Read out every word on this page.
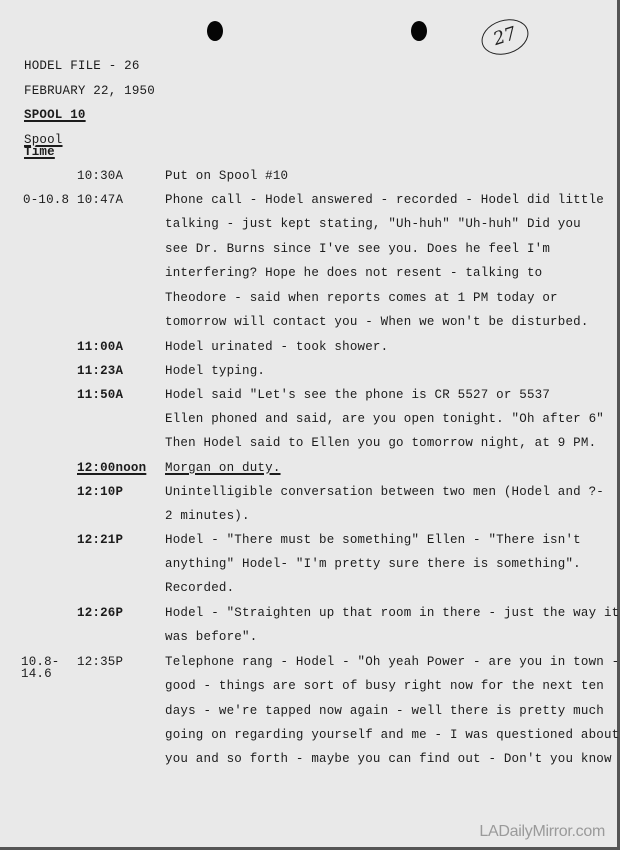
27
HODEL FILE - 26
FEBRUARY 22, 1950
SPOOL 10
Spool
Time
10:30A	Put on Spool #10
0-10.8 10:47A	Phone call - Hodel answered - recorded - Hodel did little
talking - just kept stating, "Uh-huh" "Uh-huh" Did you
see Dr. Burns since I've see you. Does he feel I'm
interfering? Hope he does not resent - talking to
Theodore - said when reports comes at 1 PM today or
tomorrow will contact you - When we won't be disturbed.
11:00A	Hodel urinated - took shower.
11:23A	Hodel typing.
11:50A	Hodel said "Let's see the phone is CR 5527 or 5537
Ellen phoned and said, are you open tonight. "Oh after 6"
Then Hodel said to Ellen you go tomorrow night, at 9 PM.
12:00noon Morgan on duty.
12:10P	Unintelligible conversation between two men (Hodel and ?-
2 minutes).
12:21P	Hodel - "There must be something" Ellen - "There isn't
anything" Hodel- "I'm pretty sure there is something".
Recorded.
12:26P	Hodel - "Straighten up that room in there - just the way it
was before".
10.8-
14.6
12:35P	Telephone rang - Hodel - "Oh yeah Power - are you in town -
good - things are sort of busy right now for the next ten
days - we're tapped now again - well there is pretty much
going on regarding yourself and me - I was questioned about
you and so forth - maybe you can find out - Don't you know
LADailyMirror.com
